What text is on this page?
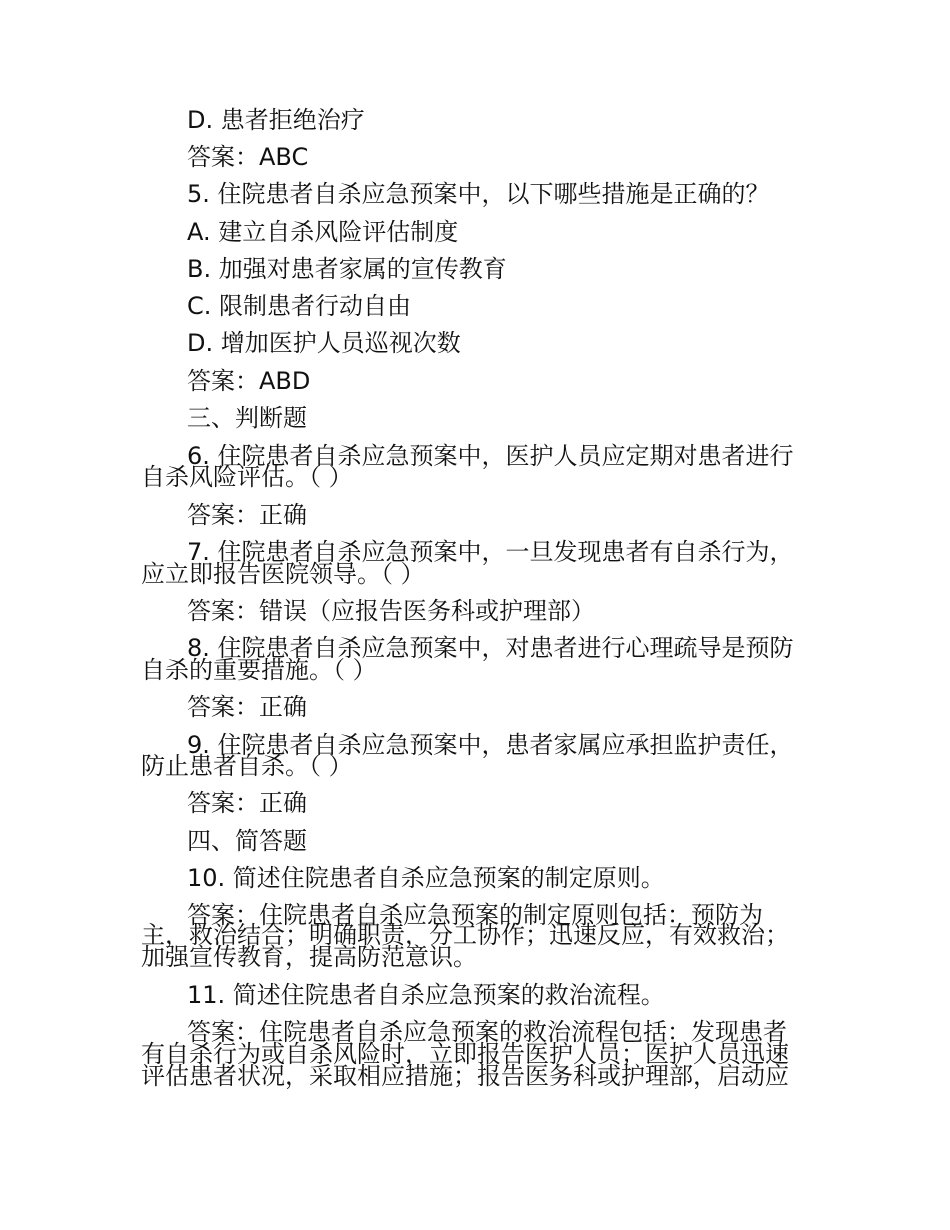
D. 患者拒绝治疗
答案：ABC
5. 住院患者自杀应急预案中，以下哪些措施是正确的？
A. 建立自杀风险评估制度
B. 加强对患者家属的宣传教育
C. 限制患者行动自由
D. 增加医护人员巡视次数
答案：ABD
三、判断题
6. 住院患者自杀应急预案中，医护人员应定期对患者进行
自杀风险评估。（ ）
答案：正确
7. 住院患者自杀应急预案中，一旦发现患者有自杀行为，
应立即报告医院领导。（ ）
答案：错误（应报告医务科或护理部）
8. 住院患者自杀应急预案中，对患者进行心理疏导是预防
自杀的重要措施。（ ）
答案：正确
9. 住院患者自杀应急预案中，患者家属应承担监护责任，
防止患者自杀。（ ）
答案：正确
四、简答题
10. 简述住院患者自杀应急预案的制定原则。
答案：住院患者自杀应急预案的制定原则包括：预防为
主，救治结合；明确职责，分工协作；迅速反应，有效救治；
加强宣传教育，提高防范意识。
11. 简述住院患者自杀应急预案的救治流程。
答案：住院患者自杀应急预案的救治流程包括：发现患者
有自杀行为或自杀风险时，立即报告医护人员；医护人员迅速
评估患者状况，采取相应措施；报告医务科或护理部，启动应
